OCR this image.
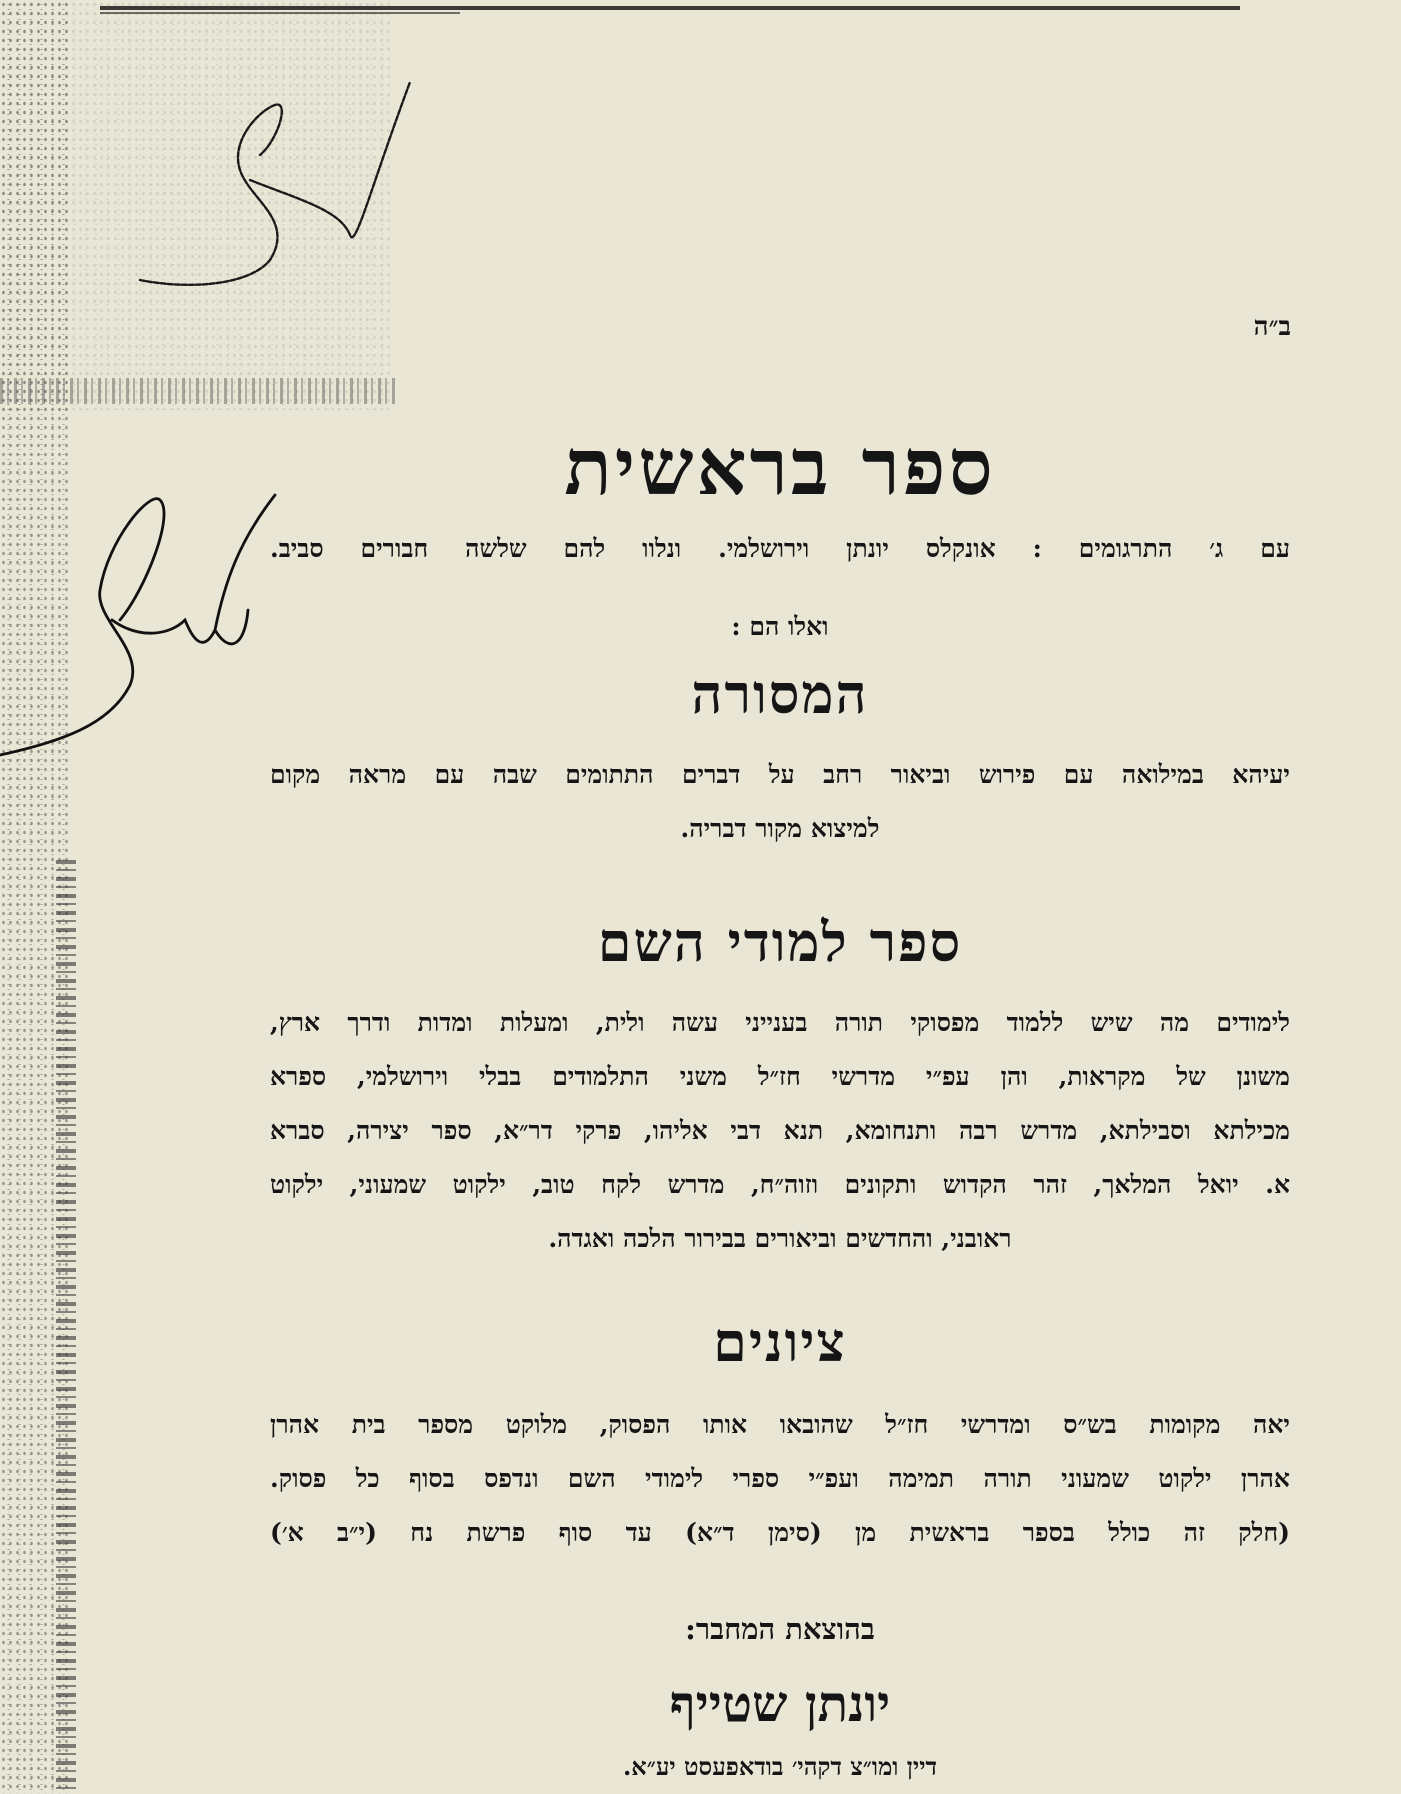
ב״ה
ספר בראשית
עם ג׳ התרגומים : אונקלס יונתן וירושלמי. ונלוו להם שלשה חבורים סביב.
ואלו הם :
המסורה
יעיהא במילואה עם פירוש וביאור רחב על דברים התתומים שבה עם מראה מקום
למיצוא מקור דבריה.
ספר למודי השם
לימודים מה שיש ללמוד מפסוקי תורה בענייני עשה ולית, ומעלות ומדות ודרך ארץ,
משונן של מקראות, והן עפ״י מדרשי חז״ל משני התלמודים בבלי וירושלמי, ספרא
מכילתא וסבילתא, מדרש רבה ותנחומא, תנא דבי אליהו, פרקי דר״א, ספר יצירה, סברא
א. יואל המלאך, זהר הקדוש ותקונים וזוה״ח, מדרש לקח טוב, ילקוט שמעוני, ילקוט
ראובני, והחדשים וביאורים בבירור הלכה ואגדה.
ציונים
יאה מקומות בש״ס ומדרשי חז״ל שהובאו אותו הפסוק, מלוקט מספר בית אהרן
אהרן ילקוט שמעוני תורה תמימה ועפ״י ספרי לימודי השם ונדפס בסוף כל פסוק.
(חלק זה כולל בספר בראשית מן (סימן ד״א) עד סוף פרשת נח (י״ב א׳)
בהוצאת המחבר:
יונתן שטייף
דיין ומו״צ דקהי׳ בודאפעסט יע״א.
